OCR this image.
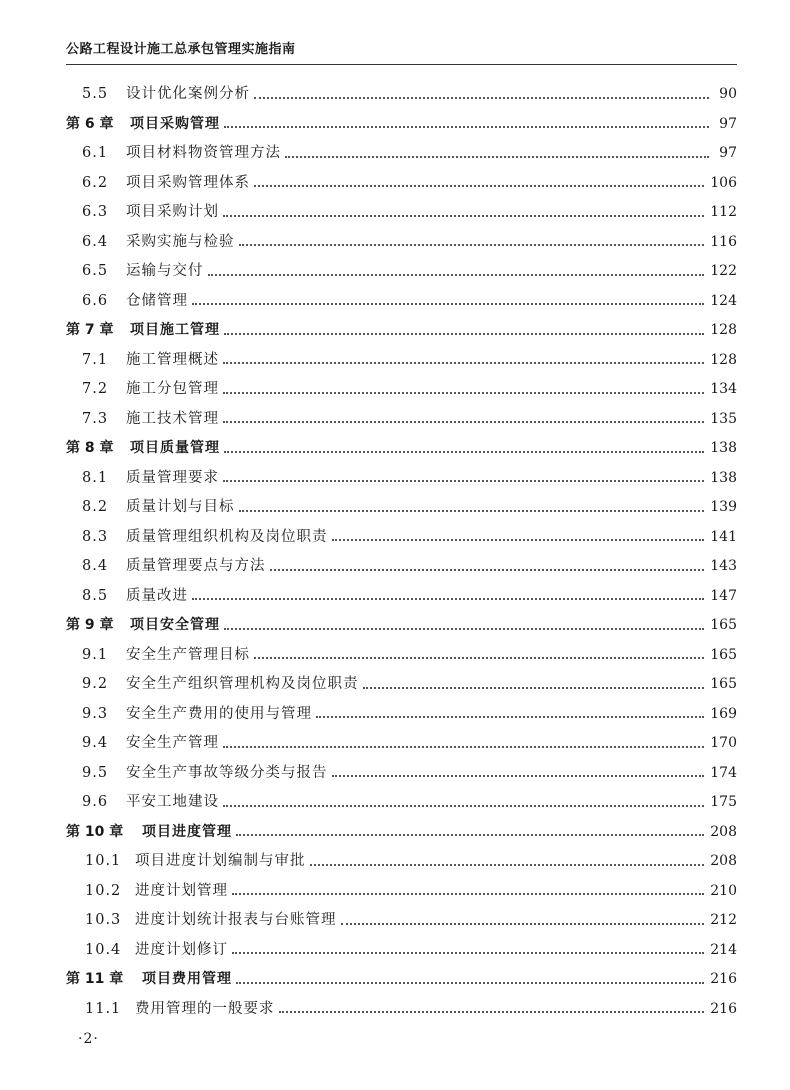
公路工程设计施工总承包管理实施指南
5.5	设计优化案例分析	90
第 6 章	项目采购管理	97
6.1	项目材料物资管理方法	97
6.2	项目采购管理体系	106
6.3	项目采购计划	112
6.4	采购实施与检验	116
6.5	运输与交付	122
6.6	仓储管理	124
第 7 章	项目施工管理	128
7.1	施工管理概述	128
7.2	施工分包管理	134
7.3	施工技术管理	135
第 8 章	项目质量管理	138
8.1	质量管理要求	138
8.2	质量计划与目标	139
8.3	质量管理组织机构及岗位职责	141
8.4	质量管理要点与方法	143
8.5	质量改进	147
第 9 章	项目安全管理	165
9.1	安全生产管理目标	165
9.2	安全生产组织管理机构及岗位职责	165
9.3	安全生产费用的使用与管理	169
9.4	安全生产管理	170
9.5	安全生产事故等级分类与报告	174
9.6	平安工地建设	175
第 10 章	项目进度管理	208
10.1 项目进度计划编制与审批	208
10.2 进度计划管理	210
10.3 进度计划统计报表与台账管理	212
10.4 进度计划修订	214
第 11 章	项目费用管理	216
11.1 费用管理的一般要求	216
·2·
